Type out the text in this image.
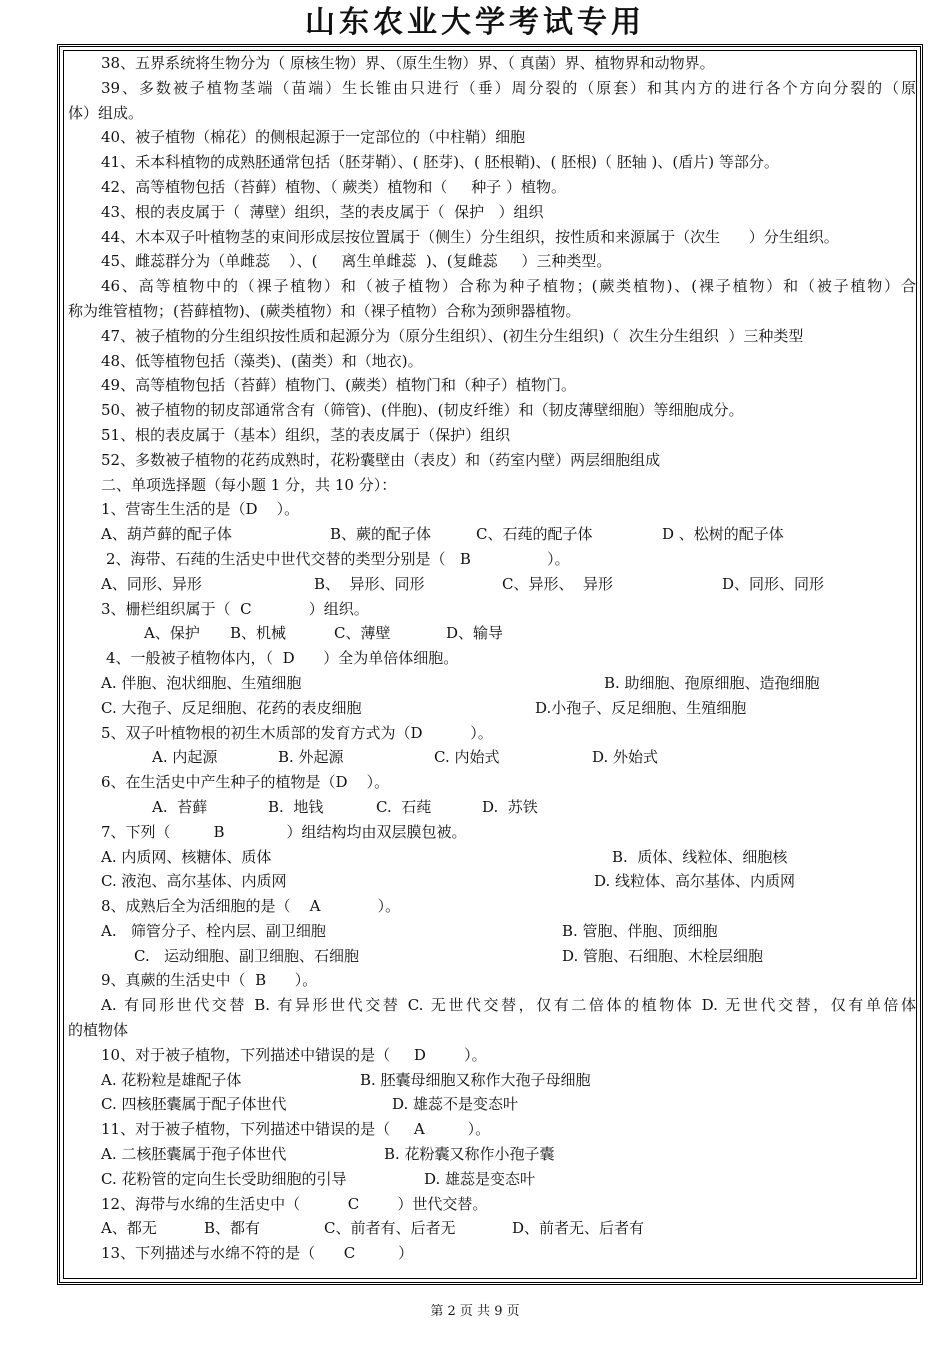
山东农业大学考试专用
38、五界系统将生物分为（ 原核生物）界、（原生生物）界、（ 真菌）界、植物界和动物界。
39、多数被子植物茎端（苗端）生长锥由只进行（垂）周分裂的（原套）和其内方的进行各个方向分裂的（原
体）组成。
40、被子植物（棉花）的侧根起源于一定部位的（中柱鞘）细胞
41、禾本科植物的成熟胚通常包括（胚芽鞘）、( 胚芽)、( 胚根鞘)、( 胚根)（ 胚轴 )、(盾片) 等部分。
42、高等植物包括（苔藓）植物、（ 蕨类）植物和（     种子 ）植物。
43、根的表皮属于（  薄壁）组织，茎的表皮属于（  保护   ）组织
44、木本双子叶植物茎的束间形成层按位置属于（侧生）分生组织，按性质和来源属于（次生      ）分生组织。
45、雌蕊群分为（单雌蕊    ）、(     离生单雌蕊  )、(复雌蕊     ）三种类型。
46、高等植物中的（裸子植物）和（被子植物）合称为种子植物；(蕨类植物)、(裸子植物）和（被子植物）合
称为维管植物；(苔藓植物)、(蕨类植物）和（裸子植物）合称为颈卵器植物。
47、被子植物的分生组织按性质和起源分为（原分生组织）、(初生分生组织)（  次生分生组织  ）三种类型
48、低等植物包括（藻类)、(菌类）和（地衣)。
49、高等植物包括（苔藓）植物门、(蕨类）植物门和（种子）植物门。
50、被子植物的韧皮部通常含有（筛管)、(伴胞)、(韧皮纤维）和（韧皮薄壁细胞）等细胞成分。
51、根的表皮属于（基本）组织，茎的表皮属于（保护）组织
52、多数被子植物的花药成熟时，花粉囊壁由（表皮）和（药室内壁）两层细胞组成
二、单项选择题（每小题 1 分，共 10 分）：
1、营寄生生活的是（D    ）。
A、葫芦藓的配子体	B、蕨的配子体	C、石莼的配子体	D 、松树的配子体
2、海带、石莼的生活史中世代交替的类型分别是（   B                ）。
A、同形、异形	B、  异形、同形	C、异形、  异形	D、同形、同形
3、栅栏组织属于（  C            ）组织。
A、保护 B、机械	C、薄壁	D、输导
4、一般被子植物体内，（  D      ）全为单倍体细胞。
A. 伴胞、泡状细胞、生殖细胞	B. 助细胞、孢原细胞、造孢细胞
C. 大孢子、反足细胞、花药的表皮细胞	D.小孢子、反足细胞、生殖细胞
5、双子叶植物根的初生木质部的发育方式为（D          ）。
A. 内起源	B. 外起源	C. 内始式	D. 外始式
6、在生活史中产生种子的植物是（D    ）。
A.  苔藓	B.  地钱	C.  石莼	D.  苏铁
7、下列（         B             ）组结构均由双层膜包被。
A. 内质网、核糖体、质体	B.  质体、线粒体、细胞核
C. 液泡、高尔基体、内质网	D. 线粒体、高尔基体、内质网
8、成熟后全为活细胞的是（    A            ）。
A.   筛管分子、栓内层、副卫细胞	B. 管胞、伴胞、顶细胞
C.   运动细胞、副卫细胞、石细胞	D. 管胞、石细胞、木栓层细胞
9、真蕨的生活史中（  B      ）。
A. 有同形世代交替 B. 有异形世代交替 C. 无世代交替，仅有二倍体的植物体 D. 无世代交替，仅有单倍体
的植物体
10、对于被子植物，下列描述中错误的是（     D        ）。
A. 花粉粒是雄配子体	B. 胚囊母细胞又称作大孢子母细胞
C. 四核胚囊属于配子体世代	D. 雄蕊不是变态叶
11、对于被子植物，下列描述中错误的是（     A         ）。
A. 二核胚囊属于孢子体世代	B. 花粉囊又称作小孢子囊
C. 花粉管的定向生长受助细胞的引导	D. 雄蕊是变态叶
12、海带与水绵的生活史中（          C        ）世代交替。
A、都无	B、都有	C、前者有、后者无	D、前者无、后者有
13、下列描述与水绵不符的是（      C         ）
第 2 页 共 9 页
